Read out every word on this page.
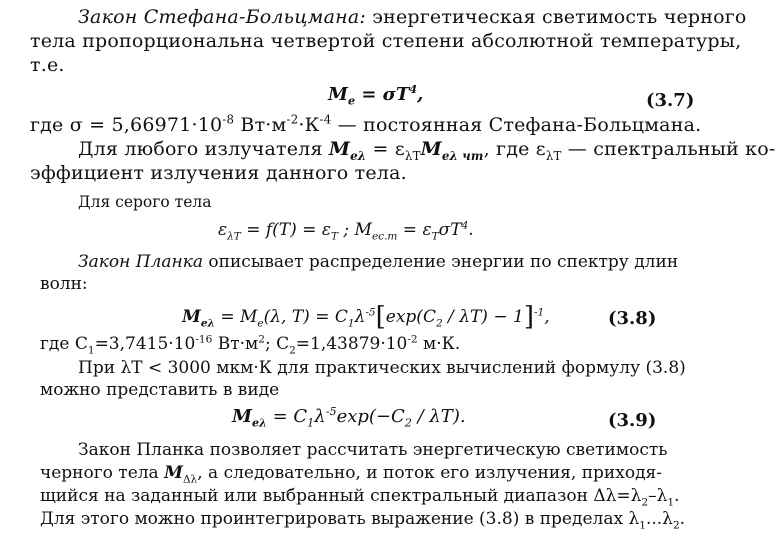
Закон Стефана-Больцмана: энергетическая светимость черного
тела пропорциональна четвертой степени абсолютной температуры,
т.е.
$M_e = \sigma T^4$,	(3.7)
где $\sigma = 5,66971\cdot 10^{-8}$ $Вт\cdot м^{-2}\cdot К^{-4}$ — постоянная Стефана-Больцмана.
Для любого излучателя $M_{e\lambda} = \varepsilon_{\lambda T}M_{e\lambda чт}$, где $\varepsilon_{\lambda T}$ — спектральный ко-
эффициент излучения данного тела.
Для серого тела
$\varepsilon_{\lambda T} = f(T) = \varepsilon_T$ ; $M_{ec.т} = \varepsilon_T\sigma T^4$.
Закон Планка описывает распределение энергии по спектру длин
волн:
$M_{e\lambda} = M_e(\lambda$, $T) = C_1\lambda^{-5}[\exp(C_2 / \lambda T) - 1]^{-1}$,	(3.8)
где $C_1=3,7415\cdot 10^{-16}$ $Вт\cdot м^2$; $C_2=1,43879\cdot 10^{-2}$ м·К.
При λT < 3000 мкм·К для практических вычислений формулу (3.8)
можно представить в виде
$M_{e\lambda} = C_1\lambda^{-5}\exp(-C_2 / \lambda T)$.	(3.9)
Закон Планка позволяет рассчитать энергетическую светимость
черного тела $M_{\Delta\lambda}$, а следовательно, и поток его излучения, приходя-
щийся на заданный или выбранный спектральный диапазон $\Delta\lambda=\lambda_2-\lambda_1$.
Для этого можно проинтегрировать выражение (3.8) в пределах $\lambda_1...\lambda_2$.
